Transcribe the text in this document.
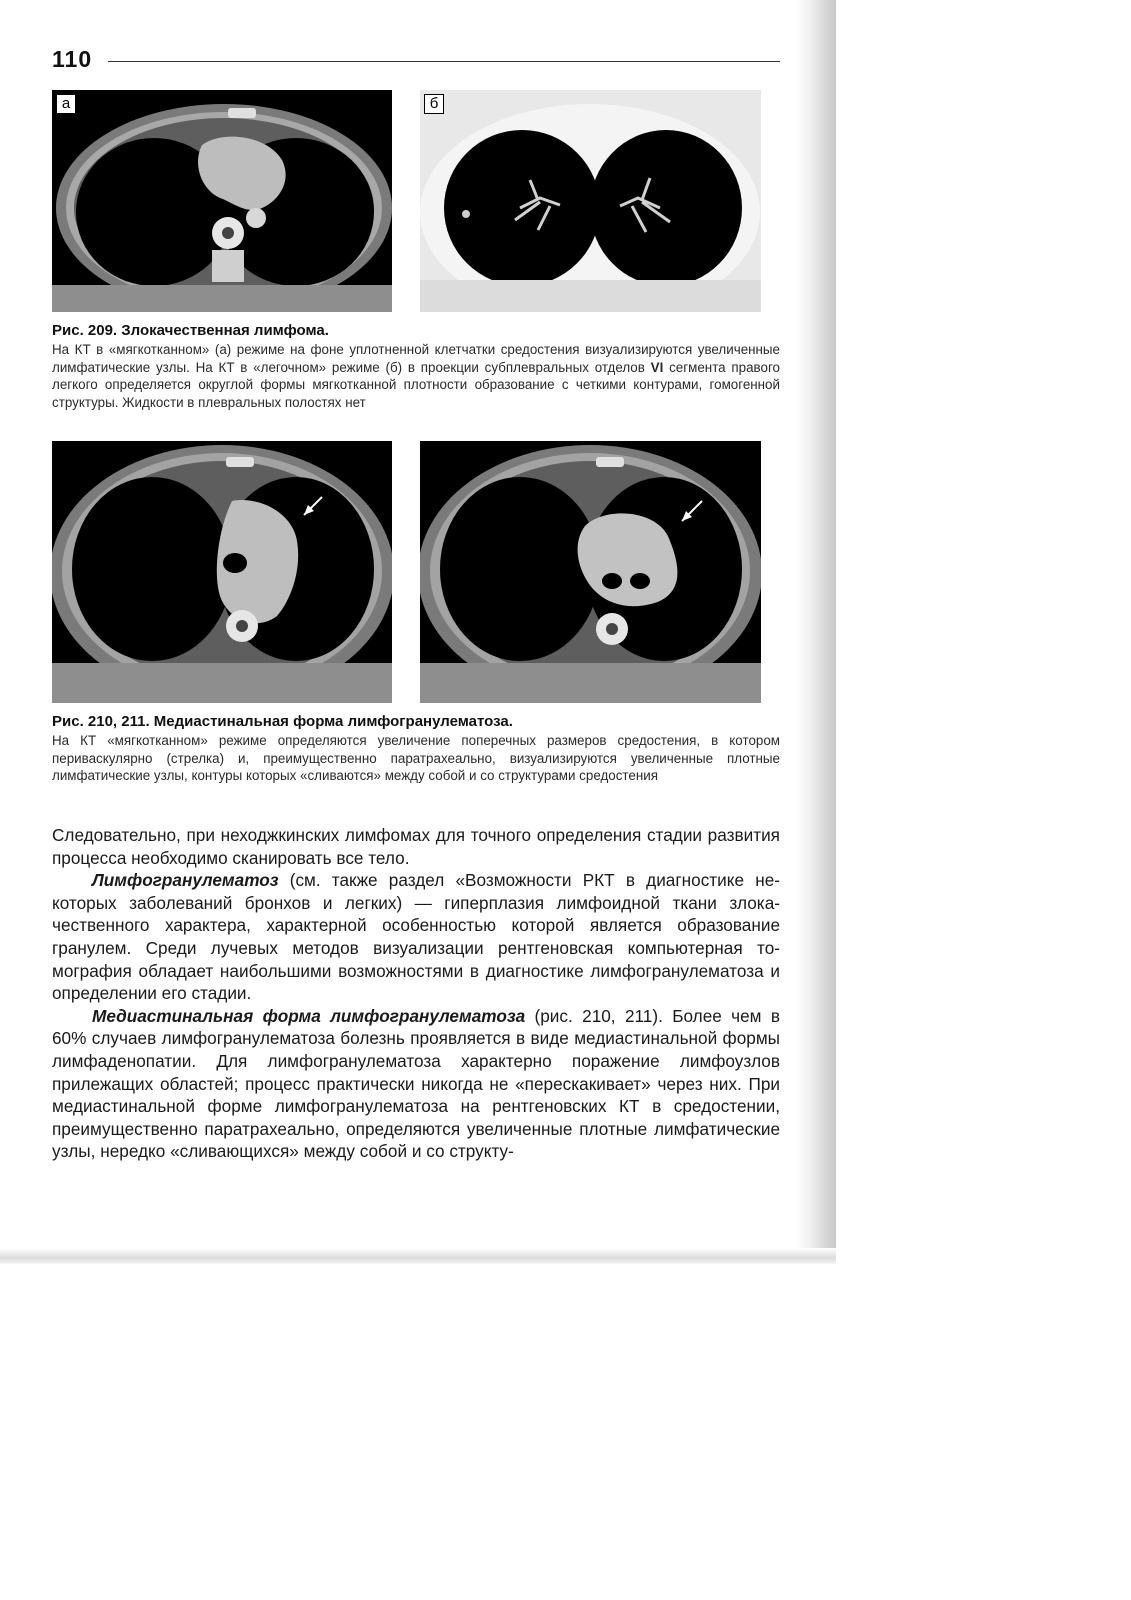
110
а	б
Рис. 209. Злокачественная лимфома.

На КТ в «мягкотканном» (а) режиме на фоне уплотненной клетчатки средостения визуализируются увеличенные лимфатические узлы. На КТ в «легочном» режиме (б) в проекции субплевральных отделов VI сегмента правого легкого определяется округлой формы мягкотканной плотности образование с четкими контурами, гомогенной структуры. Жидкости в плевральных полостях нет

Рис. 210, 211. Медиастинальная форма лимфогранулематоза.

На КТ «мягкотканном» режиме определяются увеличение поперечных размеров средостения, в котором периваскулярно (стрелка) и, преимущественно паратрахеально, визуализируются увеличенные плотные лимфатические узлы, контуры которых «сливаются» между собой и со структурами средостения

Следовательно, при неходжкинских лимфомах для точного определения стадии развития процесса необходимо сканировать все тело.

Лимфогранулематоз (см. также раздел «Возможности РКТ в диагностике некоторых заболеваний бронхов и легких) — гиперплазия лимфоидной ткани злокачественного характера, характерной особенностью которой является образование гранулем. Среди лучевых методов визуализации рентгеновская компьютерная томография обладает наибольшими возможностями в диагностике лимфогранулематоза и определении его стадии.

Медиастинальная форма лимфогранулематоза (рис. 210, 211). Более чем в 60% случаев лимфогранулематоза болезнь проявляется в виде медиастинальной формы лимфаденопатии. Для лимфогранулематоза характерно поражение лимфоузлов прилежащих областей; процесс практически никогда не «перескакивает» через них. При медиастинальной форме лимфогранулематоза на рентгеновских КТ в средостении, преимущественно паратрахеально, определяются увеличенные плотные лимфатические узлы, нередко «сливающихся» между собой и со структу-
